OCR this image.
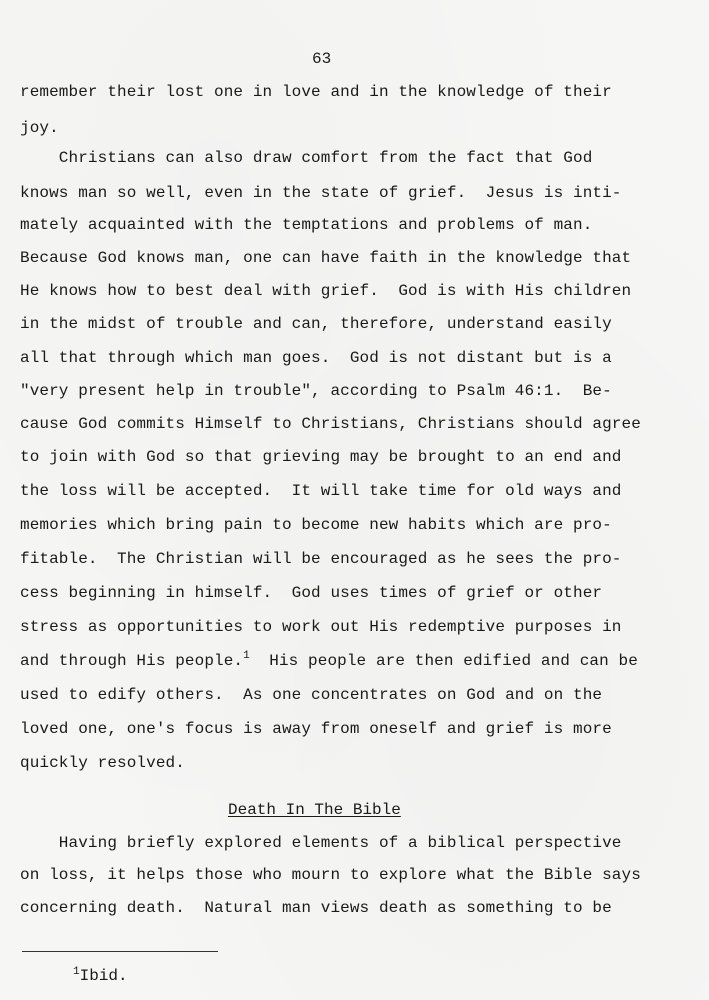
63
remember their lost one in love and in the knowledge of their
joy.
Christians can also draw comfort from the fact that God
knows man so well, even in the state of grief.  Jesus is inti-
mately acquainted with the temptations and problems of man.
Because God knows man, one can have faith in the knowledge that
He knows how to best deal with grief.  God is with His children
in the midst of trouble and can, therefore, understand easily
all that through which man goes.  God is not distant but is a
"very present help in trouble", according to Psalm 46:1.  Be-
cause God commits Himself to Christians, Christians should agree
to join with God so that grieving may be brought to an end and
the loss will be accepted.  It will take time for old ways and
memories which bring pain to become new habits which are pro-
fitable.  The Christian will be encouraged as he sees the pro-
cess beginning in himself.  God uses times of grief or other
stress as opportunities to work out His redemptive purposes in
and through His people.$^1$  His people are then edified and can be
used to edify others.  As one concentrates on God and on the
loved one, one's focus is away from oneself and grief is more
quickly resolved.
Death In The Bible
Having briefly explored elements of a biblical perspective
on loss, it helps those who mourn to explore what the Bible says
concerning death.  Natural man views death as something to be
$^1$Ibid.
